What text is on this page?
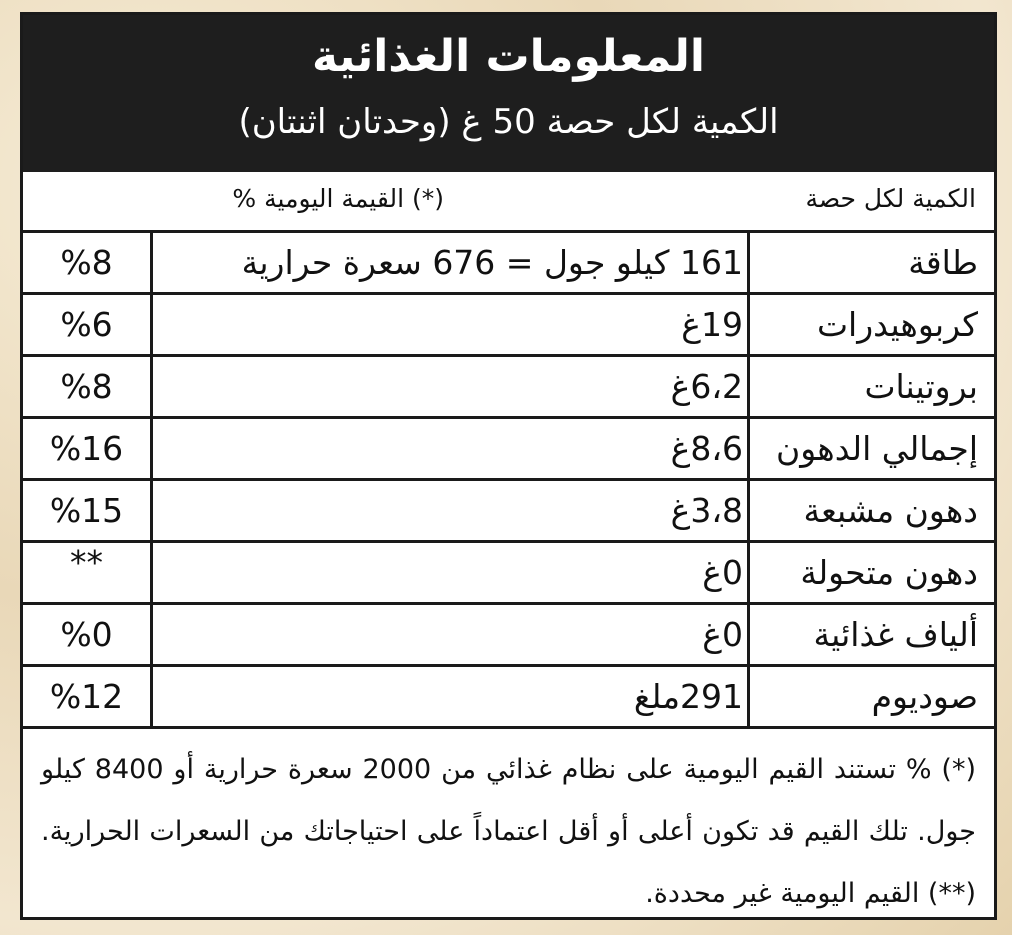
المعلومات الغذائية
الكمية لكل حصة 50 غ (وحدتان اثنتان)
الكمية لكل حصة
(*) القيمة اليومية %
طاقة
161 كيلو جول = 676 سعرة حرارية
%8
كربوهيدرات
19غ
%6
بروتينات
6،2غ
%8
إجمالي الدهون
8،6غ
%16
دهون مشبعة
3،8غ
%15
دهون متحولة
0غ
**
ألياف غذائية
0غ
%0
صوديوم
291ملغ
%12
(*) % تستند القيم اليومية على نظام غذائي من 2000 سعرة حرارية أو 8400 كيلو جول. تلك القيم قد تكون أعلى أو أقل اعتماداً على احتياجاتك من السعرات الحرارية. (**) القيم اليومية غير محددة.
